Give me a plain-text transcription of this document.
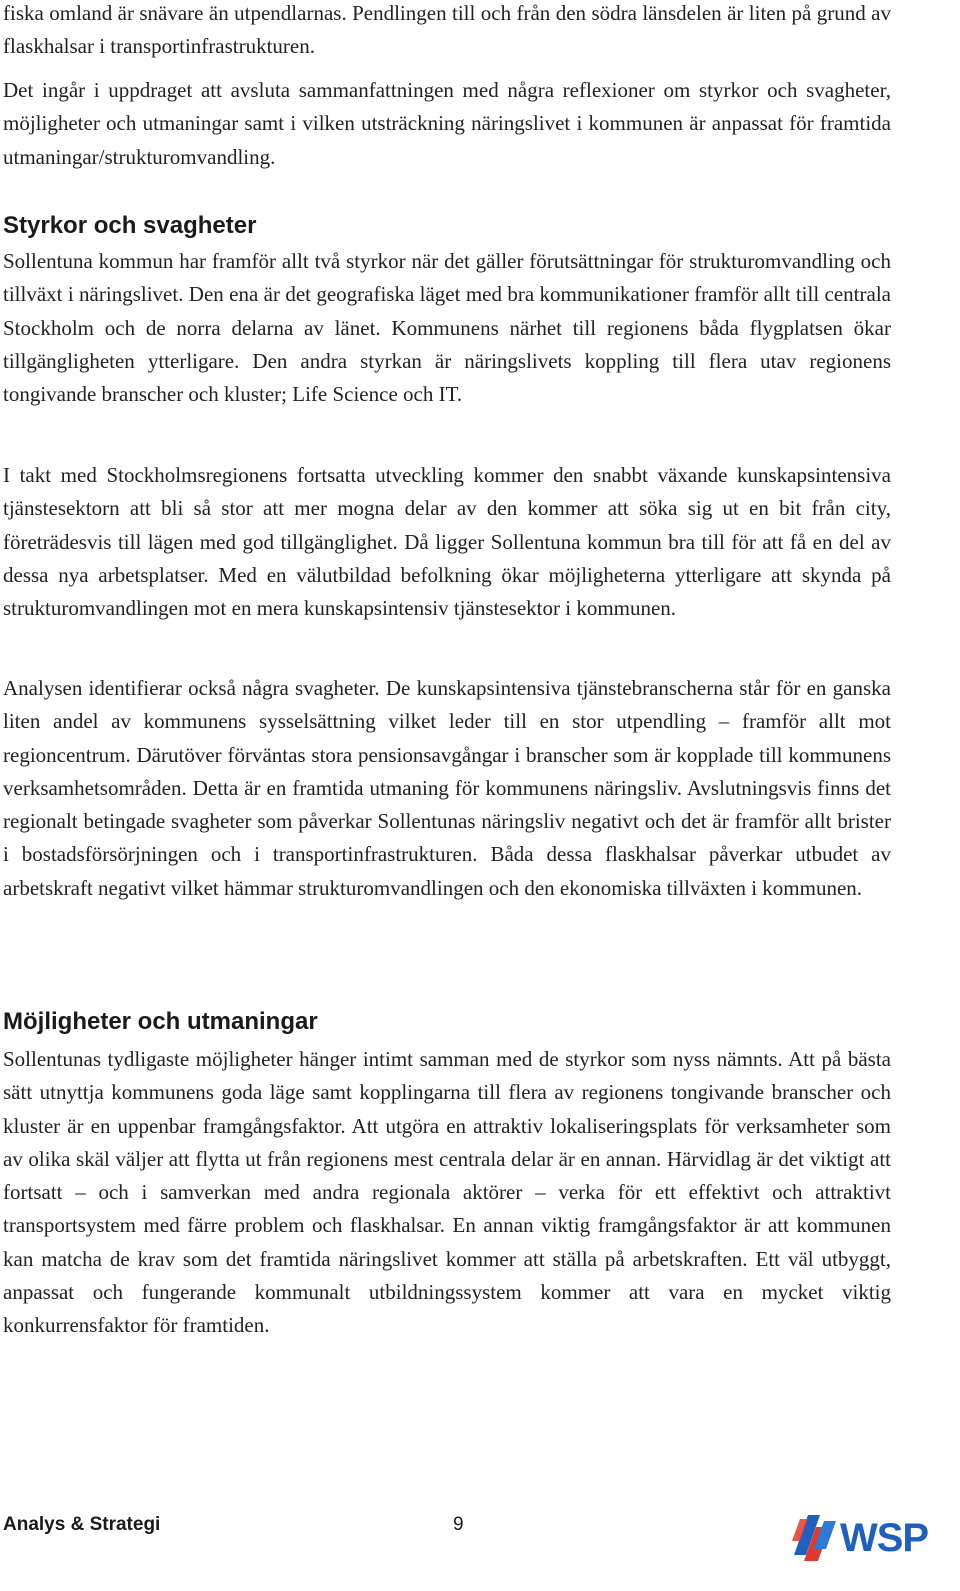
fiska omland är snävare än utpendlarnas. Pendlingen till och från den södra länsdelen är liten på grund av flaskhalsar i transportinfrastrukturen.

Det ingår i uppdraget att avsluta sammanfattningen med några reflexioner om styrkor och svagheter, möjligheter och utmaningar samt i vilken utsträckning näringslivet i kommunen är anpassat för framtida utmaningar/strukturomvandling.

Styrkor och svagheter

Sollentuna kommun har framför allt två styrkor när det gäller förutsättningar för strukturomvandling och tillväxt i näringslivet. Den ena är det geografiska läget med bra kommunikationer framför allt till centrala Stockholm och de norra delarna av länet. Kommunens närhet till regionens båda flygplatsen ökar tillgängligheten ytterligare. Den andra styrkan är näringslivets koppling till flera utav regionens tongivande branscher och kluster; Life Science och IT.

I takt med Stockholmsregionens fortsatta utveckling kommer den snabbt växande kunskapsintensiva tjänstesektorn att bli så stor att mer mogna delar av den kommer att söka sig ut en bit från city, företrädesvis till lägen med god tillgänglighet. Då ligger Sollentuna kommun bra till för att få en del av dessa nya arbetsplatser. Med en välutbildad befolkning ökar möjligheterna ytterligare att skynda på strukturomvandlingen mot en mera kunskapsintensiv tjänstesektor i kommunen.

Analysen identifierar också några svagheter. De kunskapsintensiva tjänstebranscherna står för en ganska liten andel av kommunens sysselsättning vilket leder till en stor utpendling – framför allt mot regioncentrum. Därutöver förväntas stora pensionsavgångar i branscher som är kopplade till kommunens verksamhetsområden. Detta är en framtida utmaning för kommunens näringsliv. Avslutningsvis finns det regionalt betingade svagheter som påverkar Sollentunas näringsliv negativt och det är framför allt brister i bostadsförsörjningen och i transportinfrastrukturen. Båda dessa flaskhalsar påverkar utbudet av arbetskraft negativt vilket hämmar strukturomvandlingen och den ekonomiska tillväxten i kommunen.

Möjligheter och utmaningar

Sollentunas tydligaste möjligheter hänger intimt samman med de styrkor som nyss nämnts. Att på bästa sätt utnyttja kommunens goda läge samt kopplingarna till flera av regionens tongivande branscher och kluster är en uppenbar framgångsfaktor. Att utgöra en attraktiv lokaliseringsplats för verksamheter som av olika skäl väljer att flytta ut från regionens mest centrala delar är en annan. Härvidlag är det viktigt att fortsatt – och i samverkan med andra regionala aktörer – verka för ett effektivt och attraktivt transportsystem med färre problem och flaskhalsar. En annan viktig framgångsfaktor är att kommunen kan matcha de krav som det framtida näringslivet kommer att ställa på arbetskraften. Ett väl utbyggt, anpassat och fungerande kommunalt utbildningssystem kommer att vara en mycket viktig konkurrensfaktor för framtiden.

Analys & Strategi	9	WSP
